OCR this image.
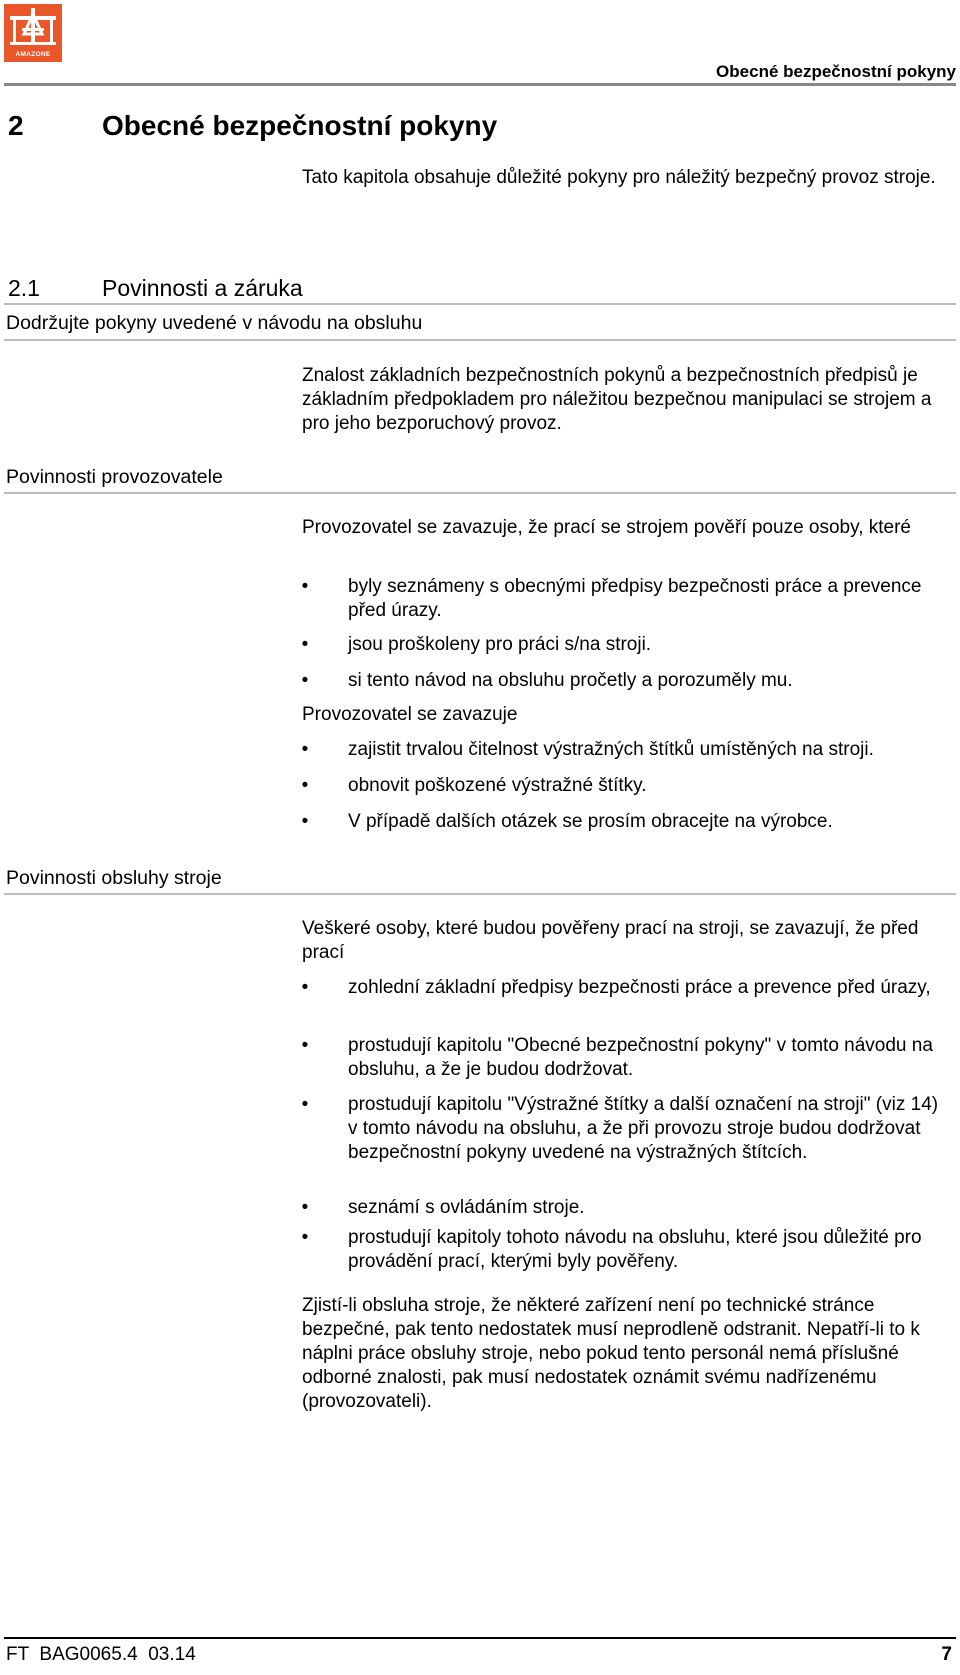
AMAZONE
Obecné bezpečnostní pokyny
2	Obecné bezpečnostní pokyny
Tato kapitola obsahuje důležité pokyny pro náležitý bezpečný provoz stroje.
2.1	Povinnosti a záruka
Dodržujte pokyny uvedené v návodu na obsluhu
Znalost základních bezpečnostních pokynů a bezpečnostních předpisů je základním předpokladem pro náležitou bezpečnou manipulaci se strojem a pro jeho bezporuchový provoz.
Povinnosti provozovatele
Provozovatel se zavazuje, že prací se strojem pověří pouze osoby, které
• byly seznámeny s obecnými předpisy bezpečnosti práce a prevence před úrazy.
• jsou proškoleny pro práci s/na stroji.
• si tento návod na obsluhu pročetly a porozuměly mu.
Provozovatel se zavazuje
• zajistit trvalou čitelnost výstražných štítků umístěných na stroji.
• obnovit poškozené výstražné štítky.
• V případě dalších otázek se prosím obracejte na výrobce.
Povinnosti obsluhy stroje
Veškeré osoby, které budou pověřeny prací na stroji, se zavazují, že před prací
• zohlední základní předpisy bezpečnosti práce a prevence před úrazy,
• prostudují kapitolu "Obecné bezpečnostní pokyny" v tomto návodu na obsluhu, a že je budou dodržovat.
• prostudují kapitolu "Výstražné štítky a další označení na stroji" (viz 14) v tomto návodu na obsluhu, a že při provozu stroje budou dodržovat bezpečnostní pokyny uvedené na výstražných štítcích.
• seznámí s ovládáním stroje.
• prostudují kapitoly tohoto návodu na obsluhu, které jsou důležité pro provádění prací, kterými byly pověřeny.
Zjistí-li obsluha stroje, že některé zařízení není po technické stránce bezpečné, pak tento nedostatek musí neprodleně odstranit. Nepatří-li to k náplni práce obsluhy stroje, nebo pokud tento personál nemá příslušné odborné znalosti, pak musí nedostatek oznámit svému nadřízenému (provozovateli).
FT  BAG0065.4  03.14	7
